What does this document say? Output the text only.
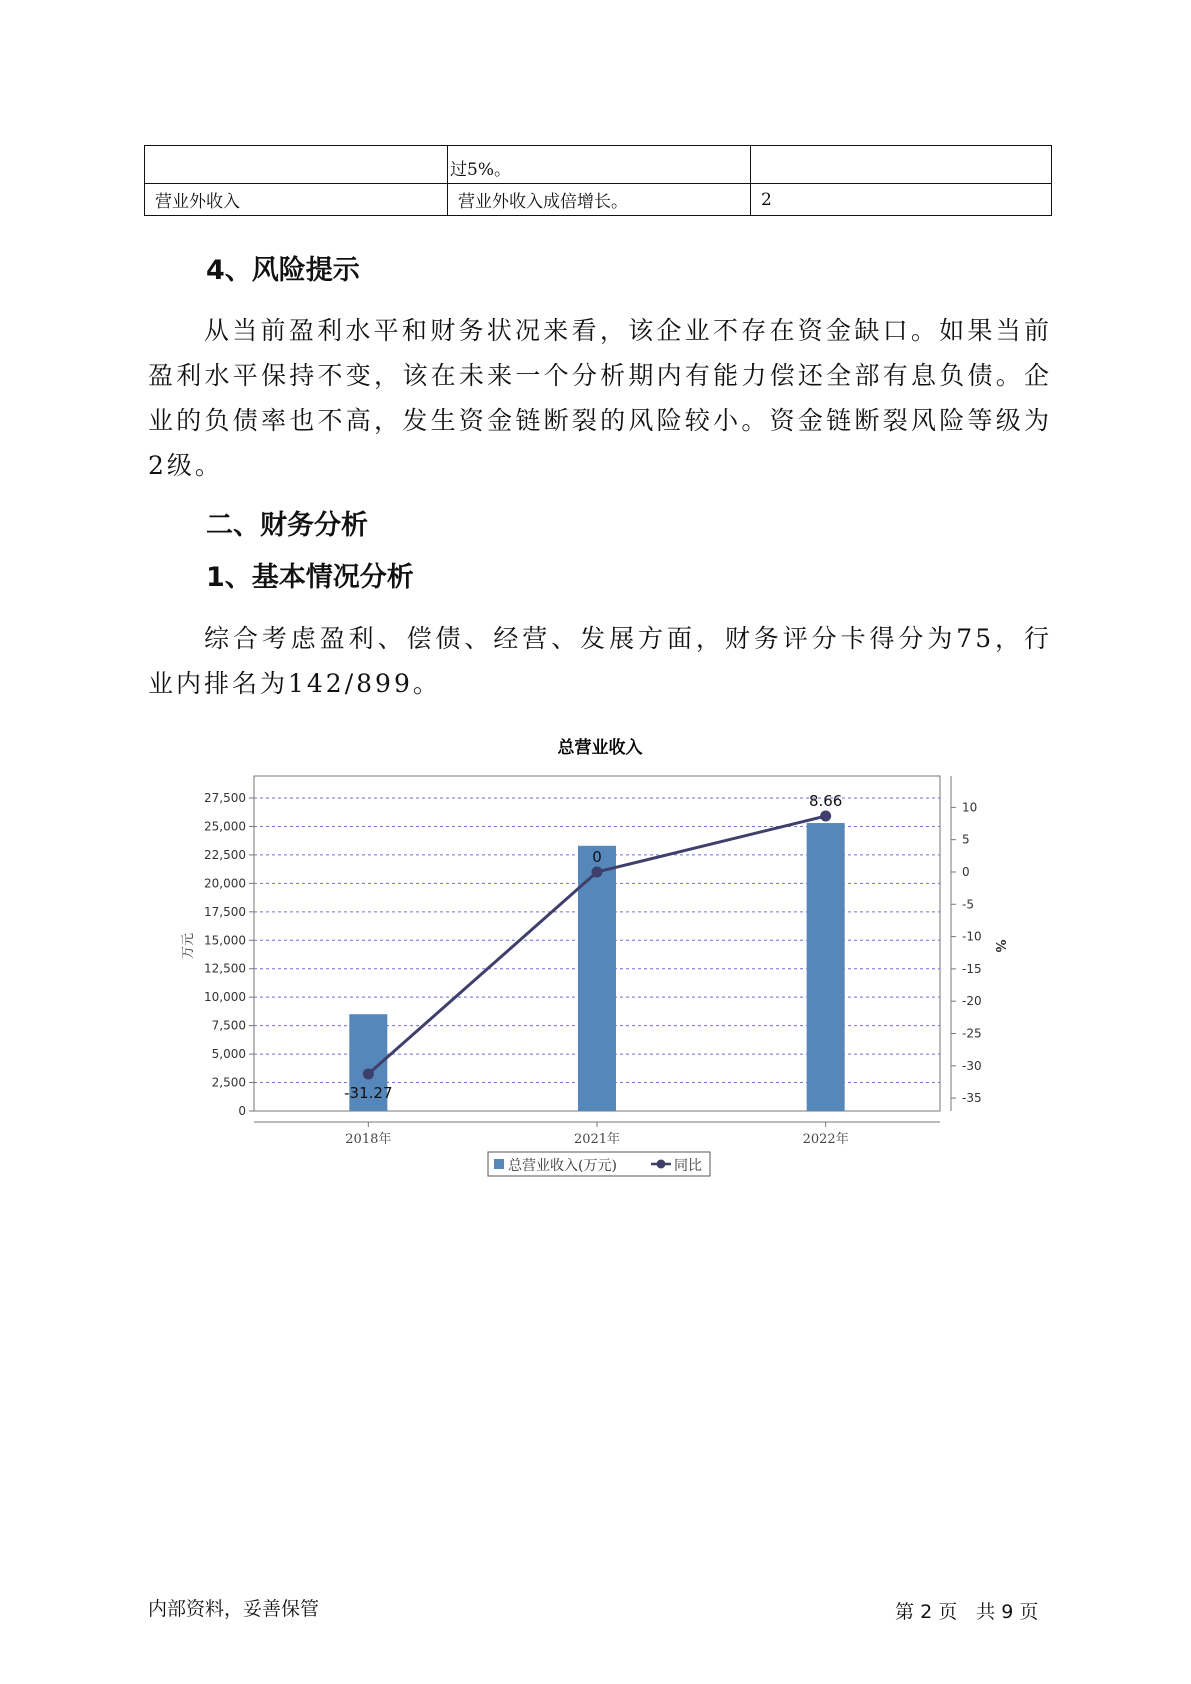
	过5%。	
营业外收入	营业外收入成倍增长。	2
4、风险提示
从当前盈利水平和财务状况来看，该企业不存在资金缺口。如果当前盈利水平保持不变，该在未来一个分析期内有能力偿还全部有息负债。企业的负债率也不高，发生资金链断裂的风险较小。资金链断裂风险等级为2级。
二、财务分析
1、基本情况分析
综合考虑盈利、偿债、经营、发展方面，财务评分卡得分为75，行业内排名为142/899。
总营业收入
-31.27
0
8.66
0
2,500
5,000
7,500
10,000
12,500
15,000
17,500
20,000
22,500
25,000
27,500
10
5
0
-5
-10
-15
-20
-25
-30
-35
2018年	2021年	2022年
万元	%
总营业收入(万元)	同比
内部资料，妥善保管	第 2 页　共 9 页
